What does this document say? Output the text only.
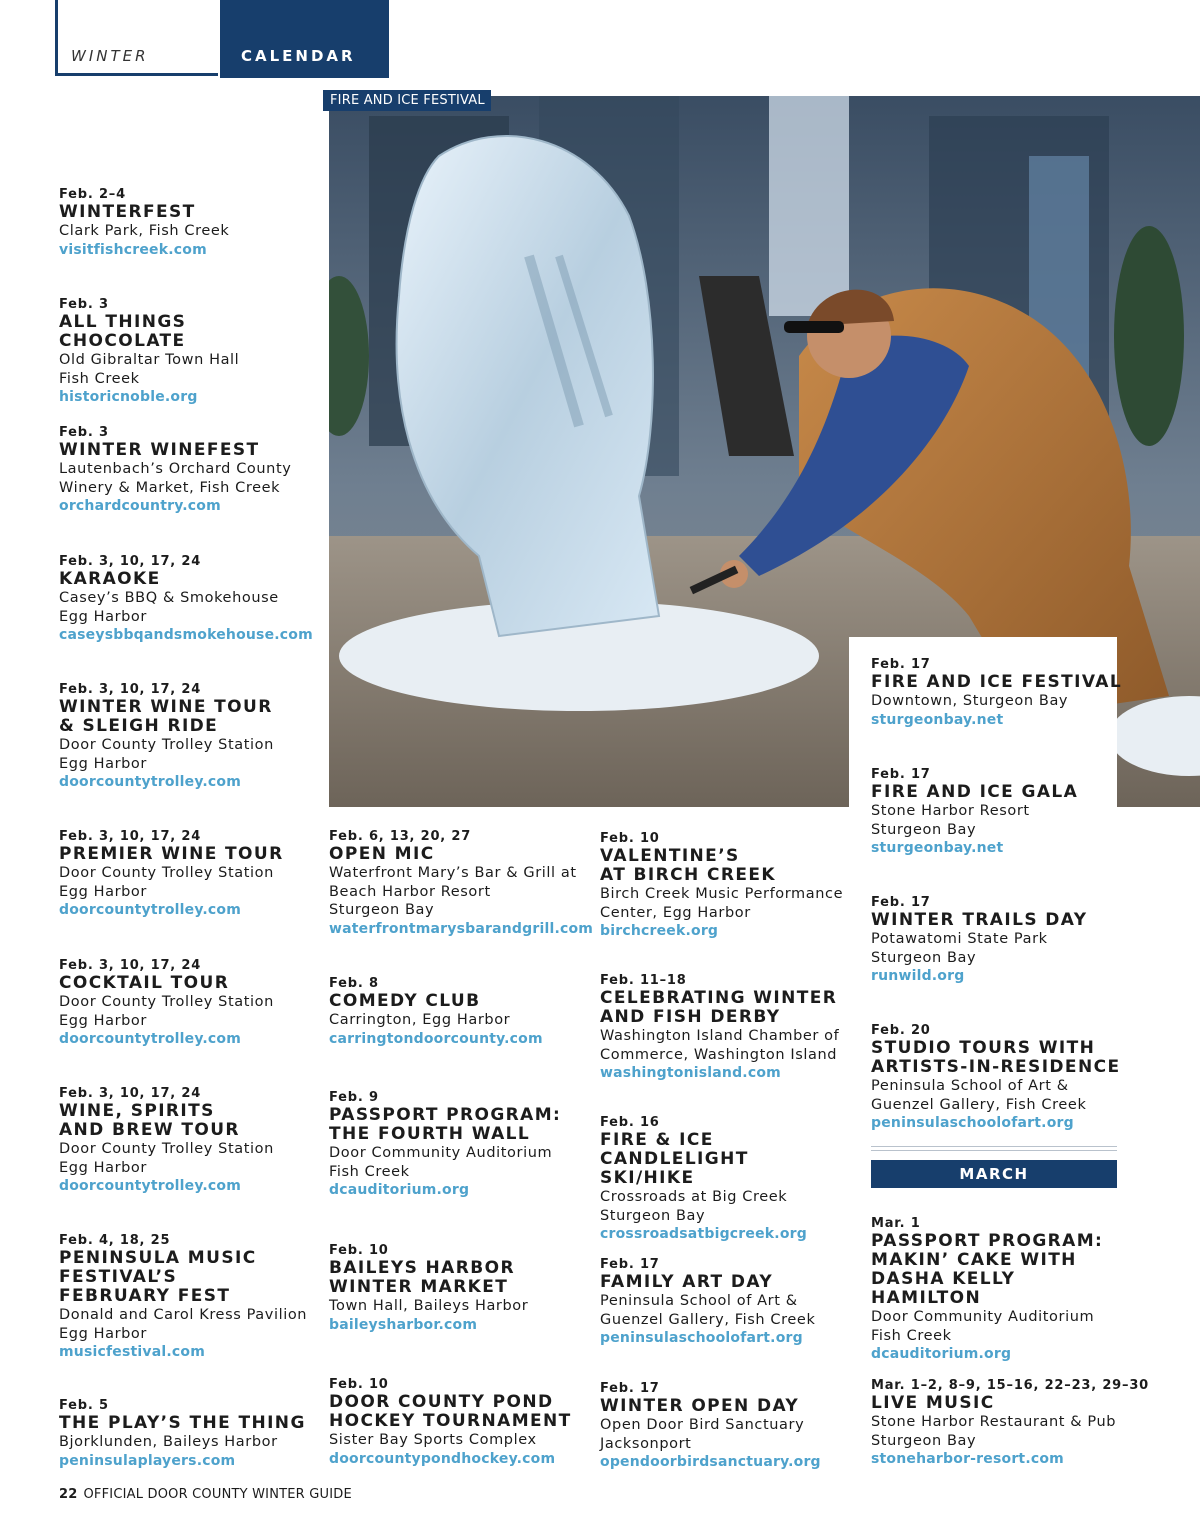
WINTER	CALENDAR
FIRE AND ICE FESTIVAL
Feb. 2–4
WINTERFEST
Clark Park, Fish Creek
visitfishcreek.com
Feb. 3
ALL THINGS CHOCOLATE
Old Gibraltar Town Hall
Fish Creek
historicnoble.org
Feb. 3
WINTER WINEFEST
Lautenbach’s Orchard County
Winery & Market, Fish Creek
orchardcountry.com
Feb. 3, 10, 17, 24
KARAOKE
Casey’s BBQ & Smokehouse
Egg Harbor
caseysbbqandsmokehouse.com
Feb. 3, 10, 17, 24
WINTER WINE TOUR
& SLEIGH RIDE
Door County Trolley Station
Egg Harbor
doorcountytrolley.com
Feb. 3, 10, 17, 24
PREMIER WINE TOUR
Door County Trolley Station
Egg Harbor
doorcountytrolley.com
Feb. 3, 10, 17, 24
COCKTAIL TOUR
Door County Trolley Station
Egg Harbor
doorcountytrolley.com
Feb. 3, 10, 17, 24
WINE, SPIRITS
AND BREW TOUR
Door County Trolley Station
Egg Harbor
doorcountytrolley.com
Feb. 4, 18, 25
PENINSULA MUSIC
FESTIVAL’S
FEBRUARY FEST
Donald and Carol Kress Pavilion
Egg Harbor
musicfestival.com
Feb. 5
THE PLAY’S THE THING
Bjorklunden, Baileys Harbor
peninsulaplayers.com
Feb. 6, 13, 20, 27
OPEN MIC
Waterfront Mary’s Bar & Grill at
Beach Harbor Resort
Sturgeon Bay
waterfrontmarysbarandgrill.com
Feb. 8
COMEDY CLUB
Carrington, Egg Harbor
carringtondoorcounty.com
Feb. 9
PASSPORT PROGRAM:
THE FOURTH WALL
Door Community Auditorium
Fish Creek
dcauditorium.org
Feb. 10
BAILEYS HARBOR
WINTER MARKET
Town Hall, Baileys Harbor
baileysharbor.com
Feb. 10
DOOR COUNTY POND
HOCKEY TOURNAMENT
Sister Bay Sports Complex
doorcountypondhockey.com
Feb. 10
VALENTINE’S
AT BIRCH CREEK
Birch Creek Music Performance
Center, Egg Harbor
birchcreek.org
Feb. 11–18
CELEBRATING WINTER
AND FISH DERBY
Washington Island Chamber of
Commerce, Washington Island
washingtonisland.com
Feb. 16
FIRE & ICE CANDLELIGHT
SKI/HIKE
Crossroads at Big Creek
Sturgeon Bay
crossroadsatbigcreek.org
Feb. 17
FAMILY ART DAY
Peninsula School of Art &
Guenzel Gallery, Fish Creek
peninsulaschoolofart.org
Feb. 17
WINTER OPEN DAY
Open Door Bird Sanctuary
Jacksonport
opendoorbirdsanctuary.org
Feb. 17
FIRE AND ICE FESTIVAL
Downtown, Sturgeon Bay
sturgeonbay.net
Feb. 17
FIRE AND ICE GALA
Stone Harbor Resort
Sturgeon Bay
sturgeonbay.net
Feb. 17
WINTER TRAILS DAY
Potawatomi State Park
Sturgeon Bay
runwild.org
Feb. 20
STUDIO TOURS WITH
ARTISTS-IN-RESIDENCE
Peninsula School of Art &
Guenzel Gallery, Fish Creek
peninsulaschoolofart.org
MARCH
Mar. 1
PASSPORT PROGRAM:
MAKIN’ CAKE WITH
DASHA KELLY HAMILTON
Door Community Auditorium
Fish Creek
dcauditorium.org
Mar. 1–2, 8–9, 15–16, 22–23, 29–30
LIVE MUSIC
Stone Harbor Restaurant & Pub
Sturgeon Bay
stoneharbor-resort.com
22 OFFICIAL DOOR COUNTY WINTER GUIDE
